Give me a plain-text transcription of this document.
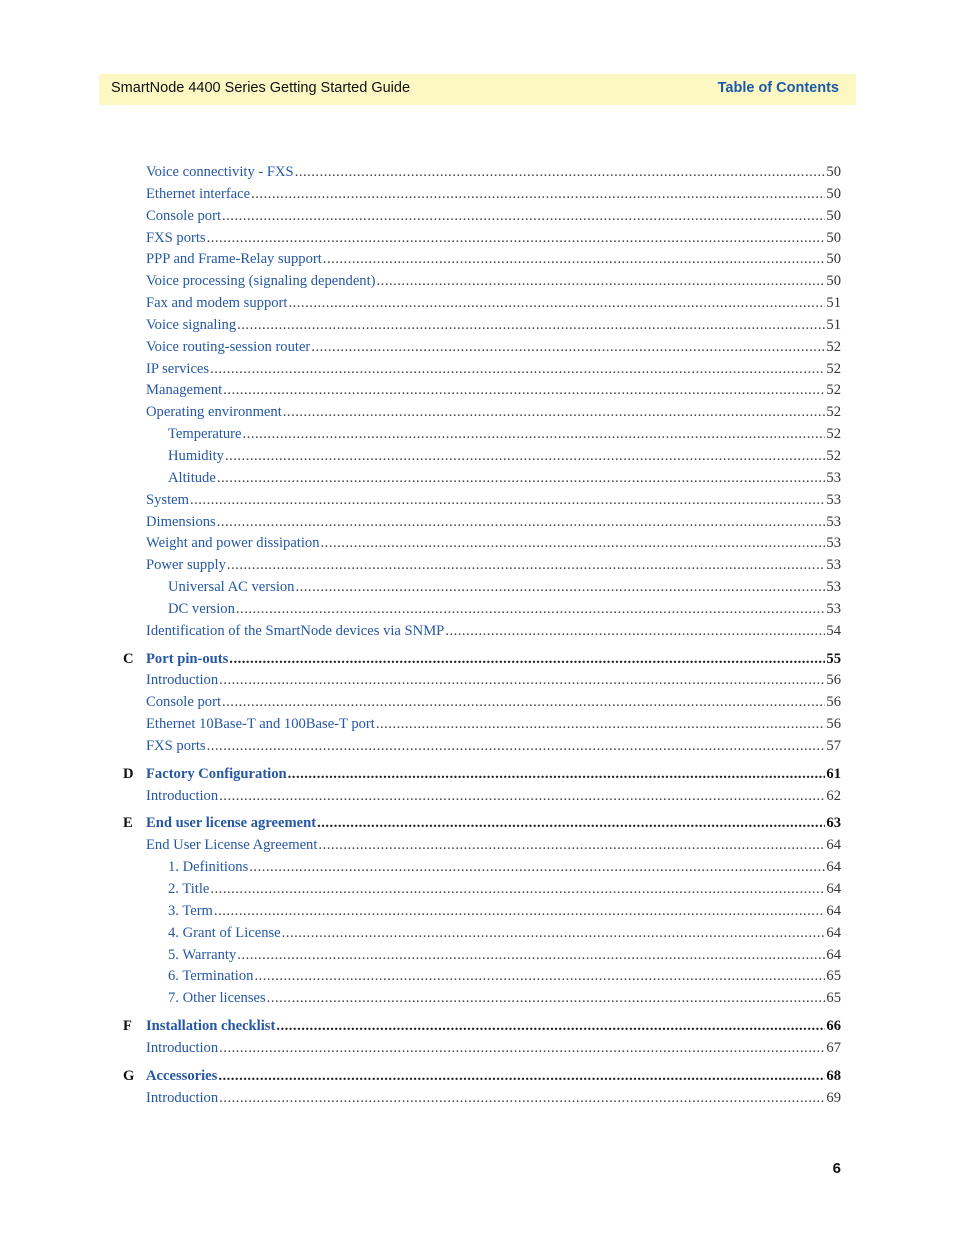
SmartNode 4400 Series Getting Started Guide	Table of Contents
Voice connectivity - FXS .....	50
Ethernet interface .....	50
Console port .....	50
FXS ports .....	50
PPP and Frame-Relay support .....	50
Voice processing (signaling dependent) .....	50
Fax and modem support .....	51
Voice signaling .....	51
Voice routing-session router .....	52
IP services .....	52
Management .....	52
Operating environment .....	52
Temperature .....	52
Humidity .....	52
Altitude .....	53
System .....	53
Dimensions .....	53
Weight and power dissipation .....	53
Power supply .....	53
Universal AC version .....	53
DC version .....	53
Identification of the SmartNode devices via SNMP .....	54
C Port pin-outs .....	55
Introduction .....	56
Console port .....	56
Ethernet 10Base-T and 100Base-T port .....	56
FXS ports .....	57
D Factory Configuration .....	61
Introduction .....	62
E End user license agreement .....	63
End User License Agreement .....	64
1. Definitions .....	64
2. Title .....	64
3. Term .....	64
4. Grant of License .....	64
5. Warranty .....	64
6. Termination .....	65
7. Other licenses .....	65
F Installation checklist .....	66
Introduction .....	67
G Accessories .....	68
Introduction .....	69
6
